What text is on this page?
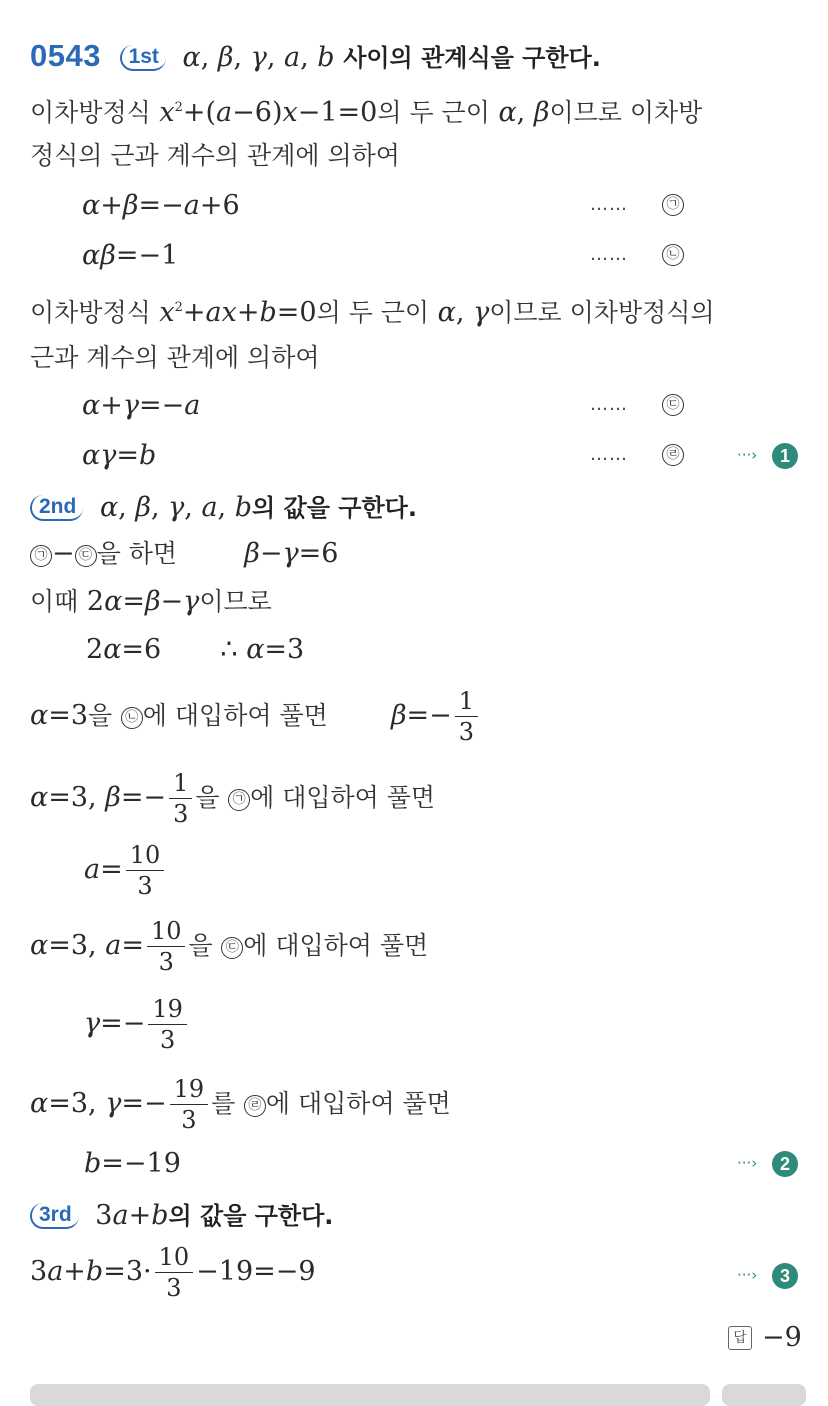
0543 1st α, β, γ, a, b 사이의 관계식을 구한다.
이차방정식 $x^2+(a-6)x-1=0$의 두 근이 α, β이므로 이차방
정식의 근과 계수의 관계에 의하여
α+β=−a+6	……	㉠
αβ=−1	……	㉡
이차방정식 $x^2+ax+b=0$의 두 근이 α, γ이므로 이차방정식의
근과 계수의 관계에 의하여
α+γ=−a	……	㉢
αγ=b	……	㉣	···›	1
2nd α, β, γ, a, b의 값을 구한다.
㉠ − ㉢ 을 하면 β−γ=6
이때 2α=β−γ이므로
2α=6  ∴ α=3
α=3을 ㉡ 에 대입하여 풀면 $\beta=- \frac{1}{3}$
α=3, $\beta=- \frac{1}{3}$ 을 ㉠ 에 대입하여 풀면
$a= \frac{10}{3}$
α=3, $a= \frac{10}{3}$ 을 ㉢ 에 대입하여 풀면
$\gamma=- \frac{19}{3}$
α=3, $\gamma=- \frac{19}{3}$ 를 ㉣ 에 대입하여 풀면
b=−19	···›	2
3rd 3a+b의 값을 구한다.
$3a+b=3\cdot \frac{10}{3} -19=-9$	···›	3
답 −9
